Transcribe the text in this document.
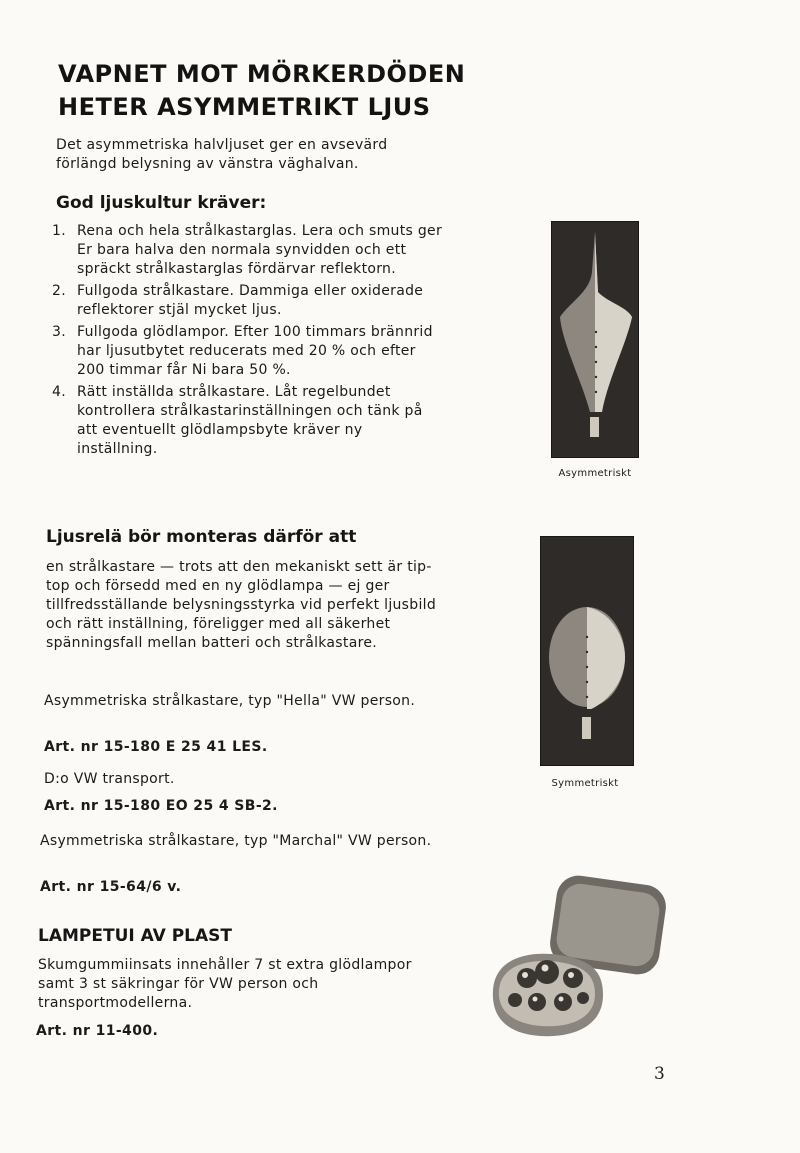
VAPNET MOT MÖRKERDÖDEN
HETER ASYMMETRIKT LJUS
Det asymmetriska halvljuset ger en avsevärd förlängd belysning av vänstra väghalvan.
God ljuskultur kräver:
1. Rena och hela strålkastarglas. Lera och smuts ger Er bara halva den normala synvidden och ett spräckt strålkastarglas fördärvar reflektorn.
2. Fullgoda strålkastare. Dammiga eller oxiderade reflektorer stjäl mycket ljus.
3. Fullgoda glödlampor. Efter 100 timmars brännrid har ljusutbytet reducerats med 20 % och efter 200 timmar får Ni bara 50 %.
4. Rätt inställda strålkastare. Låt regelbundet kontrollera strålkastarinställningen och tänk på att eventuellt glödlampsbyte kräver ny inställning.
Ljusrelä bör monteras därför att
en strålkastare — trots att den mekaniskt sett är tip-top och försedd med en ny glödlampa — ej ger tillfredsställande belysningsstyrka vid perfekt ljusbild och rätt inställning, föreligger med all säkerhet spänningsfall mellan batteri och strålkastare.
Asymmetriska strålkastare, typ "Hella" VW person.
Art. nr 15-180 E 25 41 LES.
D:o VW transport.
Art. nr 15-180 EO 25 4 SB-2.
Asymmetriska strålkastare, typ "Marchal" VW person.
Art. nr 15-64/6 v.
LAMPETUI AV PLAST
Skumgummiinsats innehåller 7 st extra glödlampor samt 3 st säkringar för VW person och transportmodellerna.
Art. nr 11-400.
Asymmetriskt
Symmetriskt
3
